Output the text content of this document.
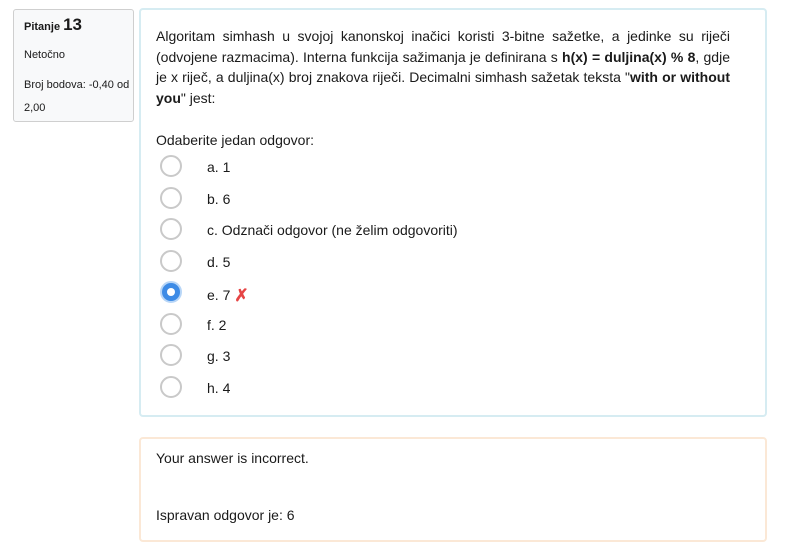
Pitanje 13
Netočno
Broj bodova: -0,40 od 2,00
Algoritam simhash u svojoj kanonskoj inačici koristi 3-bitne sažetke, a jedinke su riječi (odvojene razmacima). Interna funkcija sažimanja je definirana s h(x) = duljina(x) % 8, gdje je x riječ, a duljina(x) broj znakova riječi. Decimalni simhash sažetak teksta "with or without you" jest:
Odaberite jedan odgovor:
a. 1
b. 6
c. Odznači odgovor (ne želim odgovoriti)
d. 5
e. 7 ✗
f. 2
g. 3
h. 4
Your answer is incorrect.
Ispravan odgovor je: 6
